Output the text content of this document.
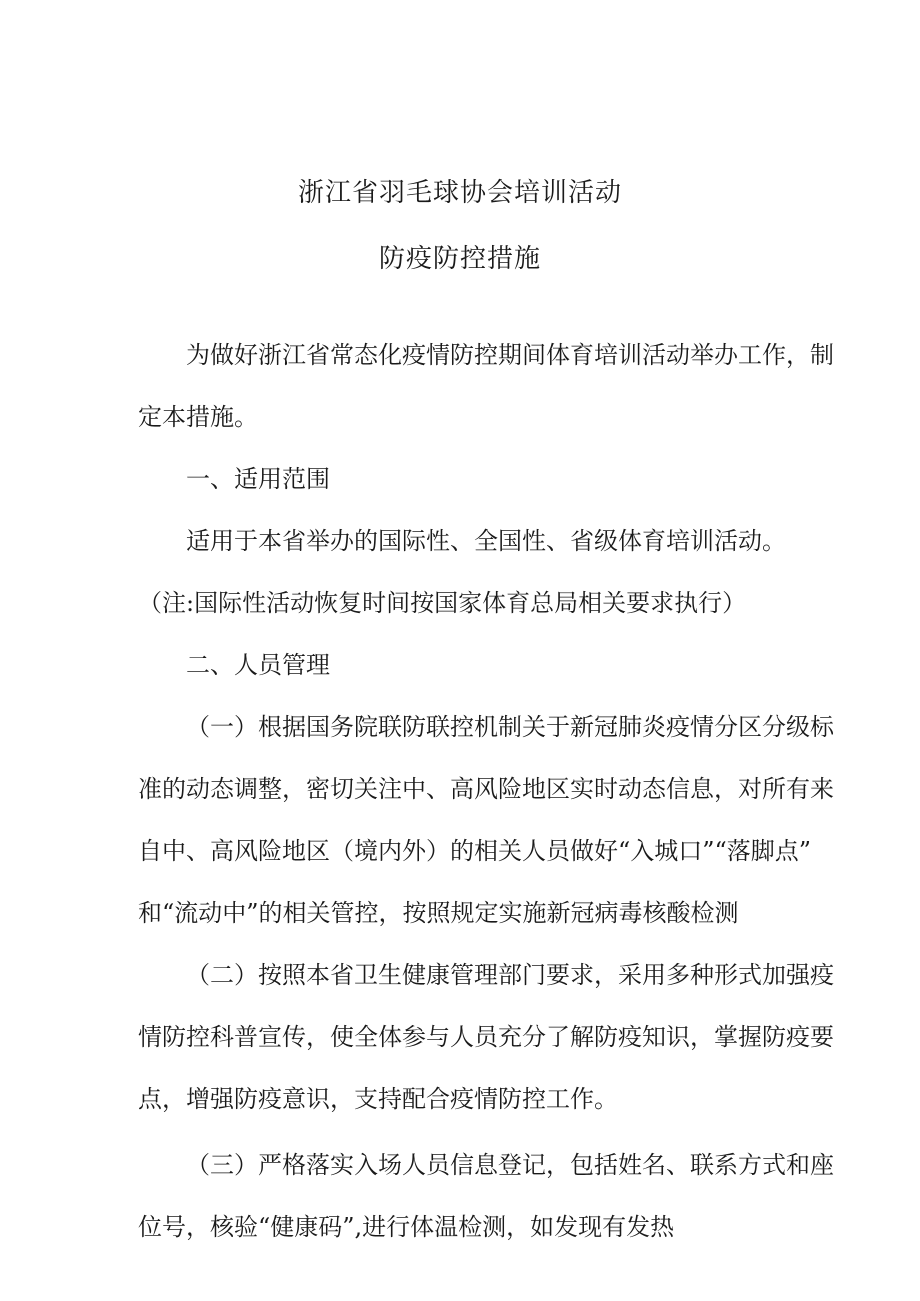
浙江省羽毛球协会培训活动
防疫防控措施
为做好浙江省常态化疫情防控期间体育培训活动举办工作，制
定本措施。
一、适用范围
适用于本省举办的国际性、全国性、省级体育培训活动。
（注:国际性活动恢复时间按国家体育总局相关要求执行）
二、人员管理
（一）根据国务院联防联控机制关于新冠肺炎疫情分区分级标
准的动态调整，密切关注中、高风险地区实时动态信息，对所有来
自中、高风险地区（境内外）的相关人员做好“入城口”“落脚点”
和“流动中”的相关管控，按照规定实施新冠病毒核酸检测
（二）按照本省卫生健康管理部门要求，采用多种形式加强疫
情防控科普宣传，使全体参与人员充分了解防疫知识，掌握防疫要
点，增强防疫意识，支持配合疫情防控工作。
（三）严格落实入场人员信息登记，包括姓名、联系方式和座
位号，核验“健康码”,进行体温检测，如发现有发热
